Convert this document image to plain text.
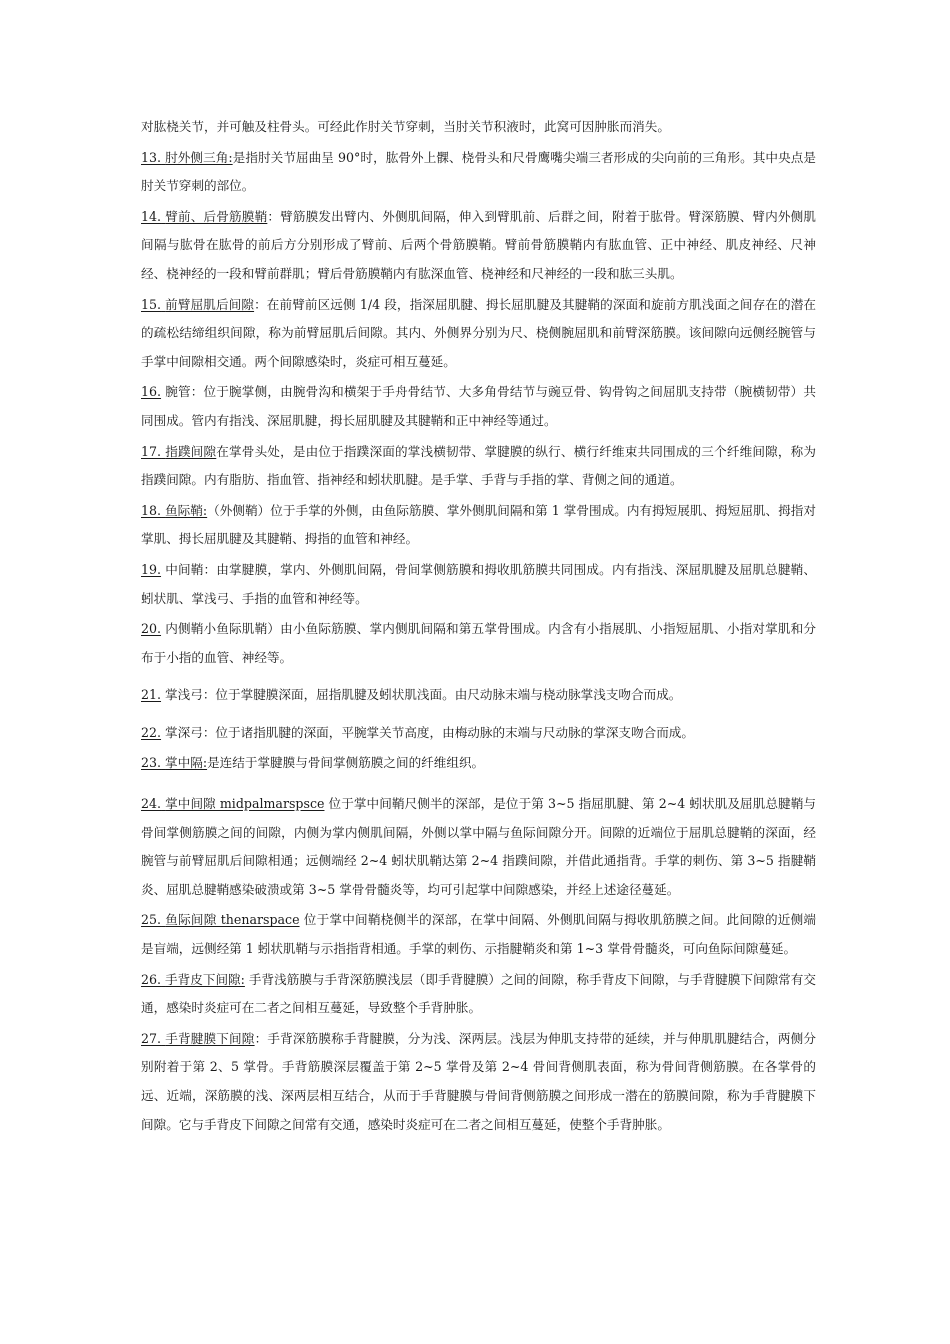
对肱桡关节，并可触及柱骨头。可经此作肘关节穿刺，当肘关节积液时，此窝可因肿胀而消失。

13. 肘外侧三角:是指肘关节屈曲呈 90°时，肱骨外上髁、桡骨头和尺骨鹰嘴尖端三者形成的尖向前的三角形。其中央点是肘关节穿刺的部位。

14. 臂前、后骨筋膜鞘：臂筋膜发出臂内、外侧肌间隔，伸入到臂肌前、后群之间，附着于肱骨。臂深筋膜、臂内外侧肌间隔与肱骨在肱骨的前后方分别形成了臂前、后两个骨筋膜鞘。臂前骨筋膜鞘内有肱血管、正中神经、肌皮神经、尺神经、桡神经的一段和臂前群肌；臂后骨筋膜鞘内有肱深血管、桡神经和尺神经的一段和肱三头肌。

15. 前臂屈肌后间隙：在前臂前区远侧 1/4 段，指深屈肌腱、拇长屈肌腱及其腱鞘的深面和旋前方肌浅面之间存在的潜在的疏松结缔组织间隙，称为前臂屈肌后间隙。其内、外侧界分别为尺、桡侧腕屈肌和前臂深筋膜。该间隙向远侧经腕管与手掌中间隙相交通。两个间隙感染时，炎症可相互蔓延。

16. 腕管：位于腕掌侧，由腕骨沟和横架于手舟骨结节、大多角骨结节与豌豆骨、钩骨钩之间屈肌支持带（腕横韧带）共同围成。管内有指浅、深屈肌腱，拇长屈肌腱及其腱鞘和正中神经等通过。

17. 指蹼间隙在掌骨头处，是由位于指蹼深面的掌浅横韧带、掌腱膜的纵行、横行纤维束共同围成的三个纤维间隙，称为指蹼间隙。内有脂肪、指血管、指神经和蚓状肌腱。是手掌、手背与手指的掌、背侧之间的通道。

18. 鱼际鞘:（外侧鞘）位于手掌的外侧，由鱼际筋膜、掌外侧肌间隔和第 1 掌骨围成。内有拇短展肌、拇短屈肌、拇指对掌肌、拇长屈肌腱及其腱鞘、拇指的血管和神经。

19. 中间鞘：由掌腱膜，掌内、外侧肌间隔，骨间掌侧筋膜和拇收肌筋膜共同围成。内有指浅、深屈肌腱及屈肌总腱鞘、蚓状肌、掌浅弓、手指的血管和神经等。

20. 内侧鞘小鱼际肌鞘）由小鱼际筋膜、掌内侧肌间隔和第五掌骨围成。内含有小指展肌、小指短屈肌、小指对掌肌和分布于小指的血管、神经等。

21. 掌浅弓：位于掌腱膜深面，屈指肌腱及蚓状肌浅面。由尺动脉末端与桡动脉掌浅支吻合而成。

22. 掌深弓：位于诸指肌腱的深面，平腕掌关节高度，由梅动脉的末端与尺动脉的掌深支吻合而成。

23. 掌中隔:是连结于掌腱膜与骨间掌侧筋膜之间的纤维组织。

24. 掌中间隙 midpalmarspsce 位于掌中间鞘尺侧半的深部，是位于第 3~5 指屈肌腱、第 2~4 蚓状肌及屈肌总腱鞘与骨间掌侧筋膜之间的间隙，内侧为掌内侧肌间隔，外侧以掌中隔与鱼际间隙分开。间隙的近端位于屈肌总腱鞘的深面，经腕管与前臂屈肌后间隙相通；远侧端经 2~4 蚓状肌鞘达第 2~4 指蹼间隙，并借此通指背。手掌的刺伤、第 3~5 指腱鞘炎、屈肌总腱鞘感染破溃或第 3~5 掌骨骨髓炎等，均可引起掌中间隙感染，并经上述途径蔓延。

25. 鱼际间隙 thenarspace 位于掌中间鞘桡侧半的深部，在掌中间隔、外侧肌间隔与拇收肌筋膜之间。此间隙的近侧端是盲端，远侧经第 1 蚓状肌鞘与示指指背相通。手掌的刺伤、示指腱鞘炎和第 1~3 掌骨骨髓炎，可向鱼际间隙蔓延。

26. 手背皮下间隙: 手背浅筋膜与手背深筋膜浅层（即手背腱膜）之间的间隙，称手背皮下间隙，与手背腱膜下间隙常有交通，感染时炎症可在二者之间相互蔓延，导致整个手背肿胀。

27. 手背腱膜下间隙：手背深筋膜称手背腱膜，分为浅、深两层。浅层为伸肌支持带的延续，并与伸肌肌腱结合，两侧分别附着于第 2、5 掌骨。手背筋膜深层覆盖于第 2~5 掌骨及第 2~4 骨间背侧肌表面，称为骨间背侧筋膜。在各掌骨的远、近端，深筋膜的浅、深两层相互结合，从而于手背腱膜与骨间背侧筋膜之间形成一潜在的筋膜间隙，称为手背腱膜下间隙。它与手背皮下间隙之间常有交通，感染时炎症可在二者之间相互蔓延，使整个手背肿胀。
